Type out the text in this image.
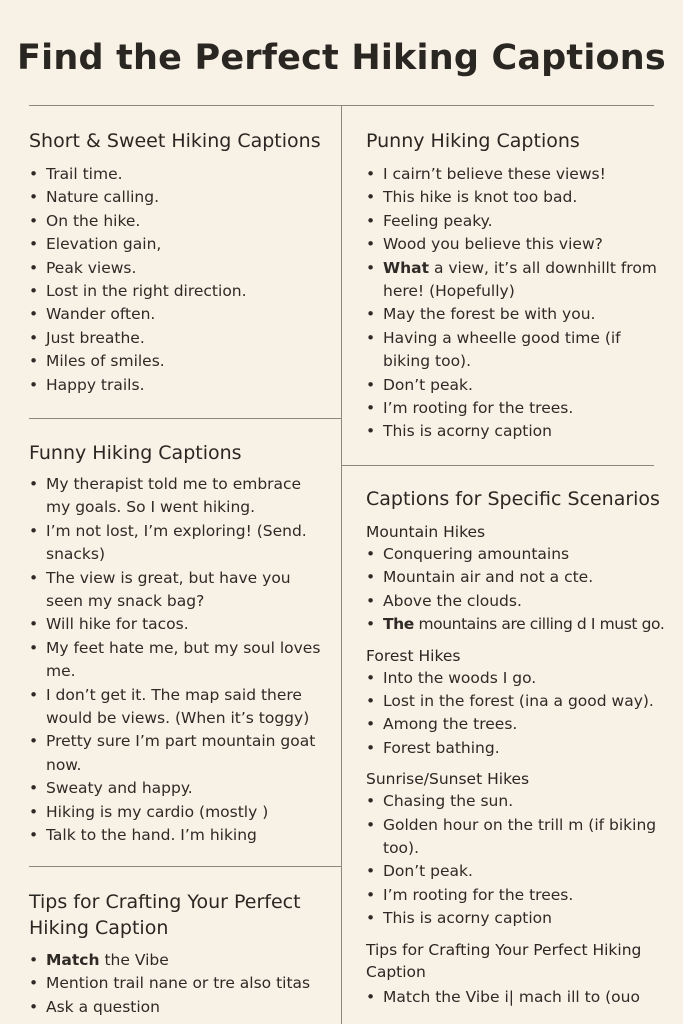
Find the Perfect Hiking Captions
Short & Sweet Hiking Captions
• Trail time.
• Nature calling.
• On the hike.
• Elevation gain,
• Peak views.
• Lost in the right direction.
• Wander often.
• Just breathe.
• Miles of smiles.
• Happy trails.
Funny Hiking Captions
• My therapist told me to embrace my goals. So I went hiking.
• I’m not lost, I’m exploring! (Send. snacks)
• The view is great, but have you seen my snack bag?
• Will hike for tacos.
• My feet hate me, but my soul loves me.
• I don’t get it. The map said there would be views. (When it’s toggy)
• Pretty sure I’m part mountain goat now.
• Sweaty and happy.
• Hiking is my cardio (mostly )
• Talk to the hand. I’m hiking
Tips for Crafting Your Perfect Hiking Caption
• Match the Vibe
• Mention trail nane or tre also titas
• Ask a question
Punny Hiking Captions
• I cairn’t believe these views!
• This hike is knot too bad.
• Feeling peaky.
• Wood you believe this view?
• What a view, it’s all downhillt from here! (Hopefully)
• May the forest be with you.
• Having a wheelle good time (if biking too).
• Don’t peak.
• I’m rooting for the trees.
• This is acorny caption
Captions for Specific Scenarios
Mountain Hikes
• Conquering amountains
• Mountain air and not a cte.
• Above the clouds.
• The mountains are cilling d I must go.
Forest Hikes
• Into the woods I go.
• Lost in the forest (ina a good way).
• Among the trees.
• Forest bathing.
Sunrise/Sunset Hikes
• Chasing the sun.
• Golden hour on the trill m (if biking too).
• Don’t peak.
• I’m rooting for the trees.
• This is acorny caption
Tips for Crafting Your Perfect Hiking Caption
• Match the Vibe i| mach ill to (ouo
